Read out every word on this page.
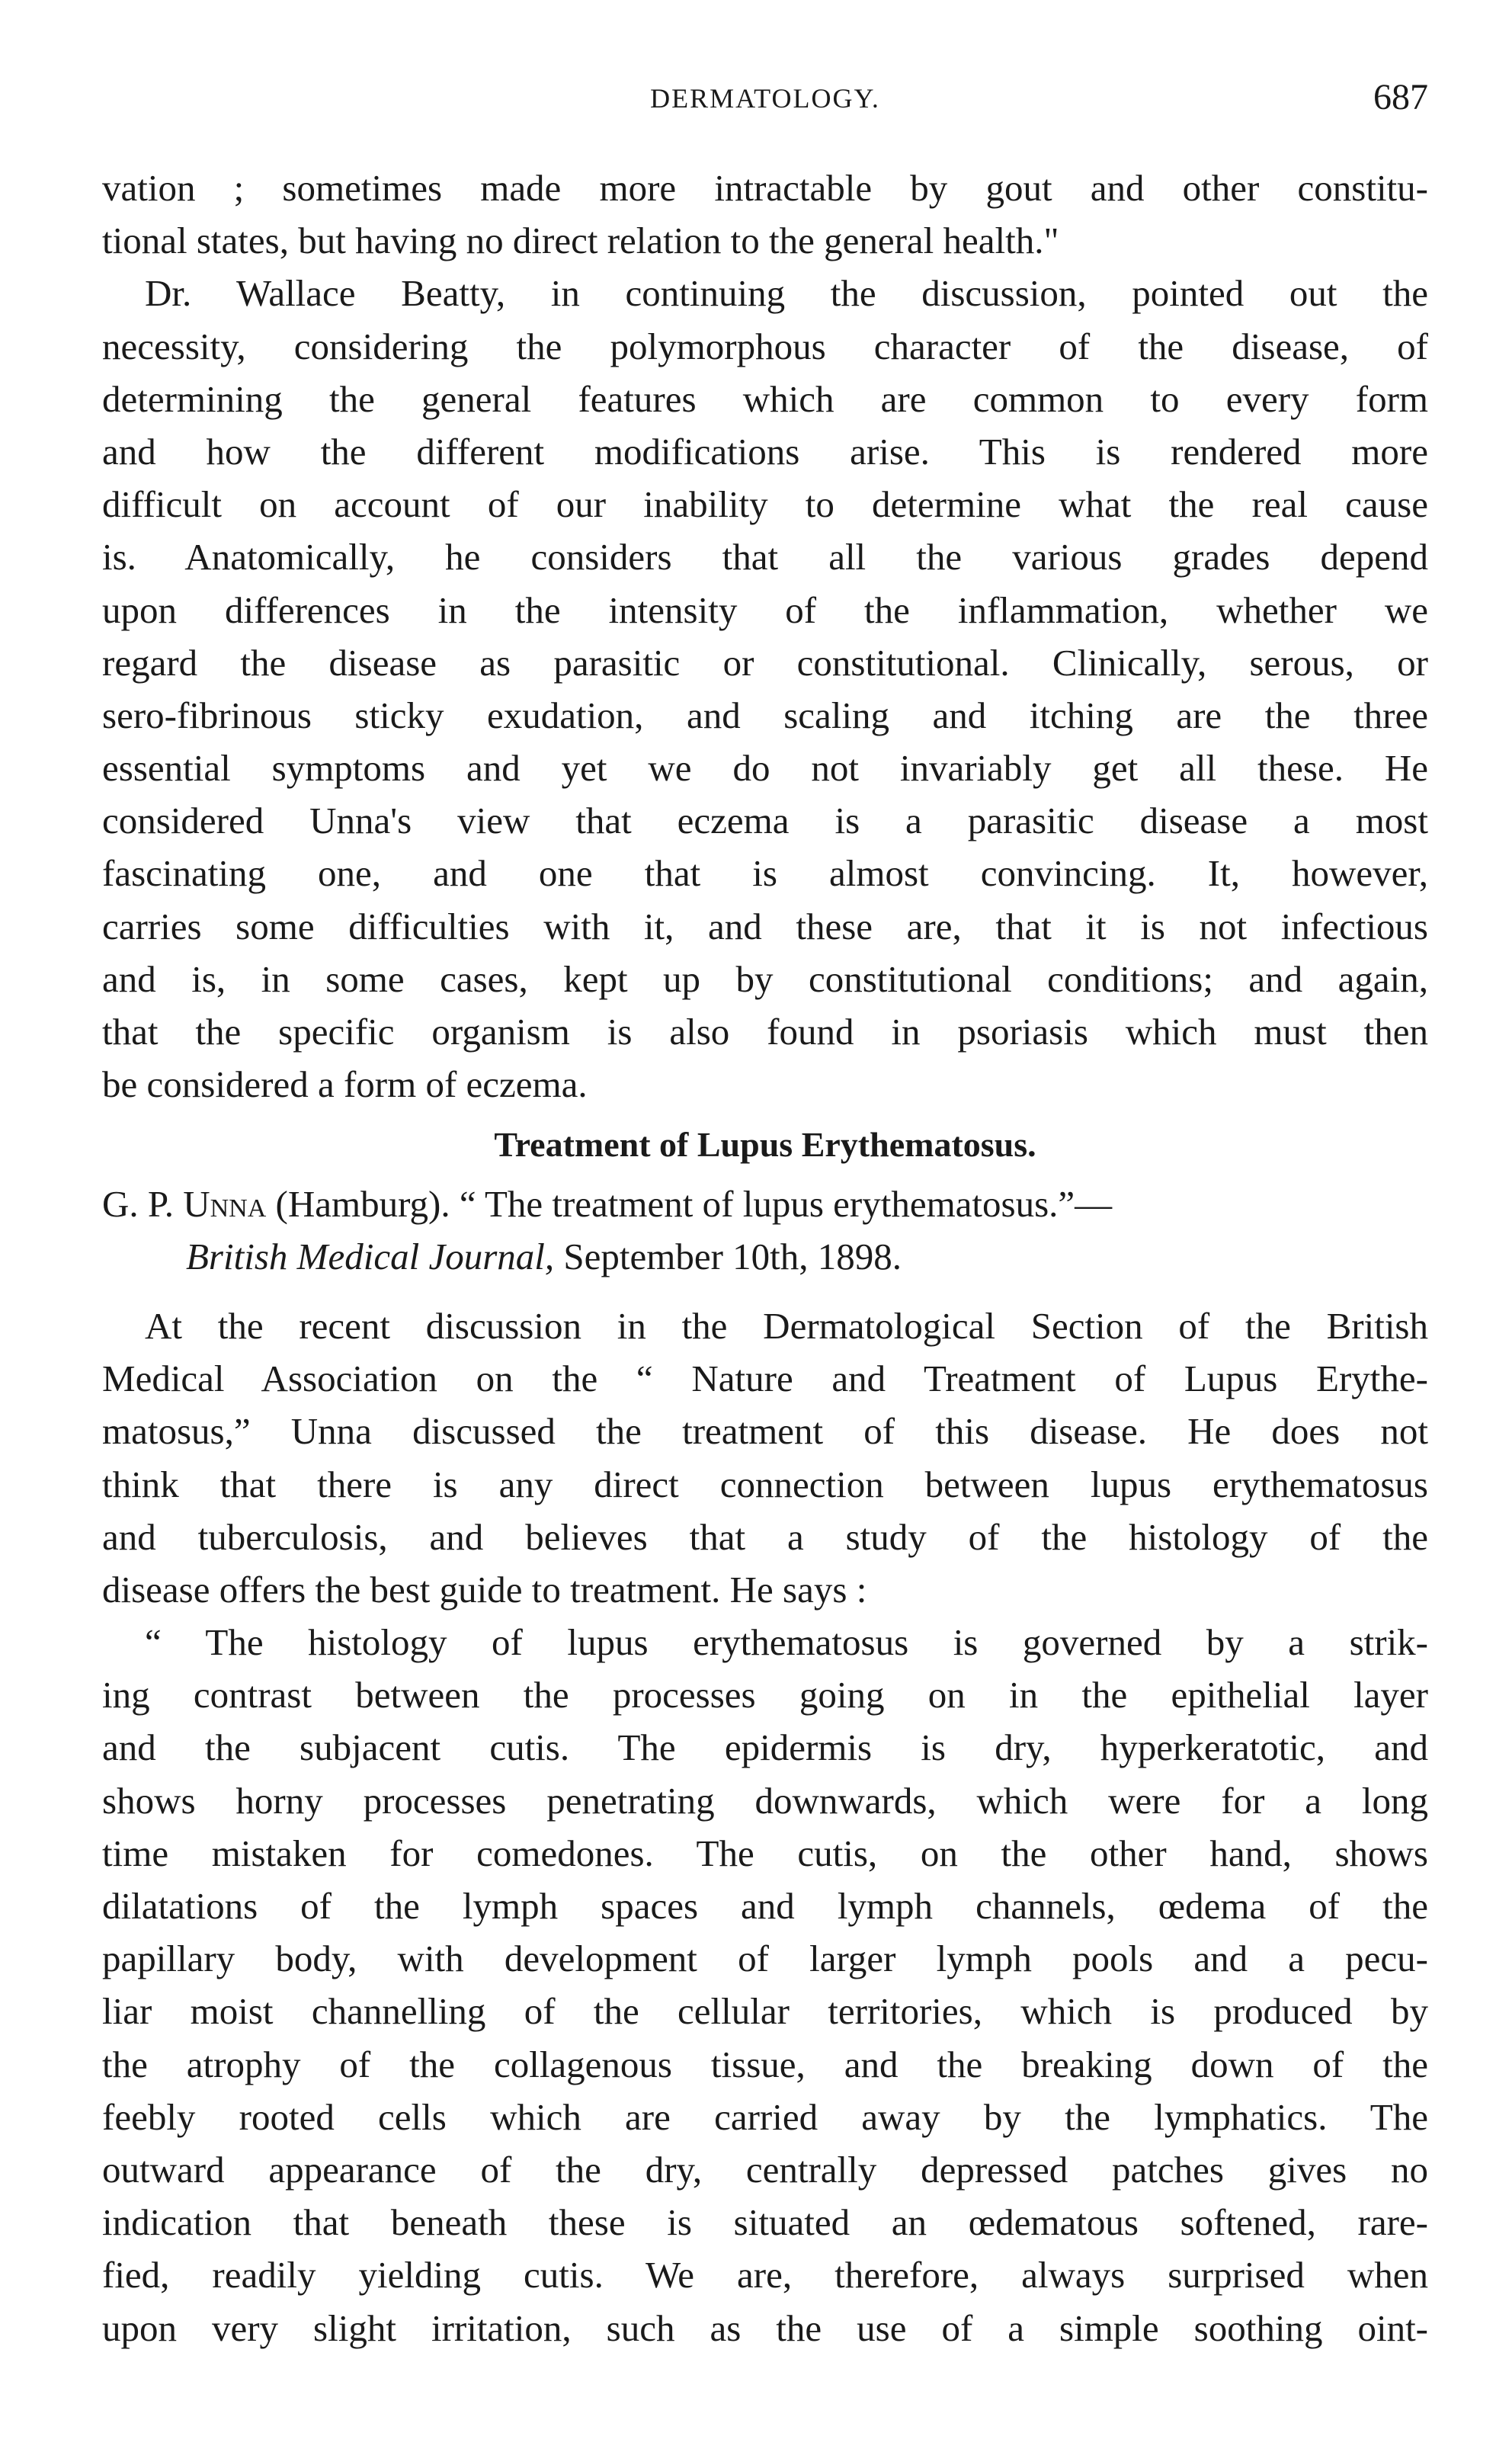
DERMATOLOGY.	687
vation ; sometimes made more intractable by gout and other constitu-
tional states, but having no direct relation to the general health."
Dr. Wallace Beatty, in continuing the discussion, pointed out the
necessity, considering the polymorphous character of the disease, of
determining the general features which are common to every form
and how the different modifications arise. This is rendered more
difficult on account of our inability to determine what the real cause
is. Anatomically, he considers that all the various grades depend
upon differences in the intensity of the inflammation, whether we
regard the disease as parasitic or constitutional. Clinically, serous, or
sero-fibrinous sticky exudation, and scaling and itching are the three
essential symptoms and yet we do not invariably get all these. He
considered Unna's view that eczema is a parasitic disease a most
fascinating one, and one that is almost convincing. It, however,
carries some difficulties with it, and these are, that it is not infectious
and is, in some cases, kept up by constitutional conditions; and again,
that the specific organism is also found in psoriasis which must then
be considered a form of eczema.
Treatment of Lupus Erythematosus.
G. P. Unna (Hamburg). “ The treatment of lupus erythematosus.”—
British Medical Journal, September 10th, 1898.
At the recent discussion in the Dermatological Section of the British
Medical Association on the “ Nature and Treatment of Lupus Erythe-
matosus,” Unna discussed the treatment of this disease. He does not
think that there is any direct connection between lupus erythematosus
and tuberculosis, and believes that a study of the histology of the
disease offers the best guide to treatment. He says :
“ The histology of lupus erythematosus is governed by a strik-
ing contrast between the processes going on in the epithelial layer
and the subjacent cutis. The epidermis is dry, hyperkeratotic, and
shows horny processes penetrating downwards, which were for a long
time mistaken for comedones. The cutis, on the other hand, shows
dilatations of the lymph spaces and lymph channels, œdema of the
papillary body, with development of larger lymph pools and a pecu-
liar moist channelling of the cellular territories, which is produced by
the atrophy of the collagenous tissue, and the breaking down of the
feebly rooted cells which are carried away by the lymphatics. The
outward appearance of the dry, centrally depressed patches gives no
indication that beneath these is situated an œdematous softened, rare-
fied, readily yielding cutis. We are, therefore, always surprised when
upon very slight irritation, such as the use of a simple soothing oint-
